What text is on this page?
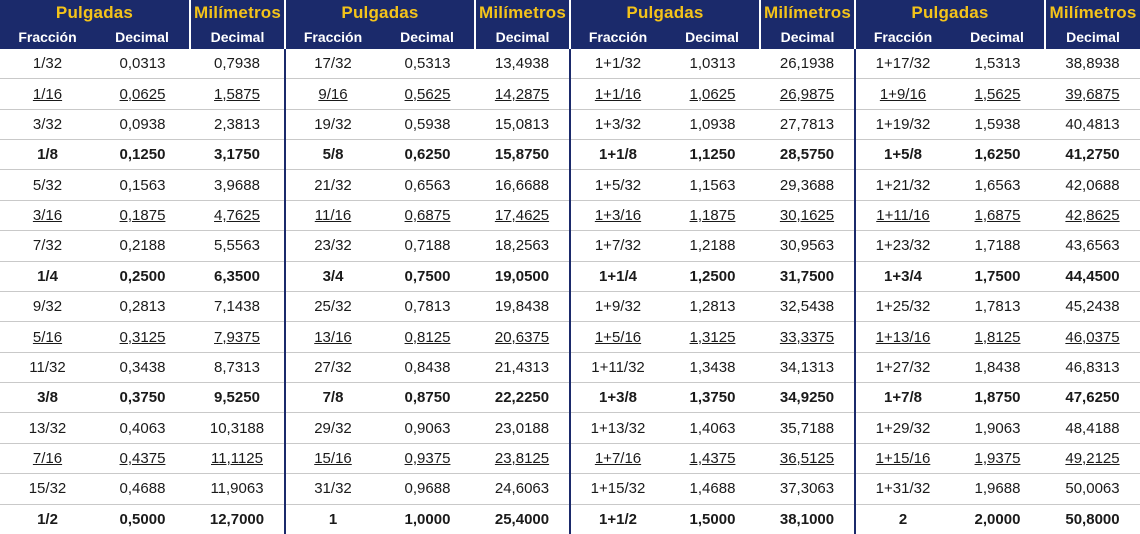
Pulgadas		Milímetros	Pulgadas		Milímetros	Pulgadas		Milímetros	Pulgadas		Milímetros
Fracción	Decimal	Decimal	Fracción	Decimal	Decimal	Fracción	Decimal	Decimal	Fracción	Decimal	Decimal
1/32	0,0313	0,7938	17/32	0,5313	13,4938	1+1/32	1,0313	26,1938	1+17/32	1,5313	38,8938
1/16	0,0625	1,5875	9/16	0,5625	14,2875	1+1/16	1,0625	26,9875	1+9/16	1,5625	39,6875
3/32	0,0938	2,3813	19/32	0,5938	15,0813	1+3/32	1,0938	27,7813	1+19/32	1,5938	40,4813
1/8	0,1250	3,1750	5/8	0,6250	15,8750	1+1/8	1,1250	28,5750	1+5/8	1,6250	41,2750
5/32	0,1563	3,9688	21/32	0,6563	16,6688	1+5/32	1,1563	29,3688	1+21/32	1,6563	42,0688
3/16	0,1875	4,7625	11/16	0,6875	17,4625	1+3/16	1,1875	30,1625	1+11/16	1,6875	42,8625
7/32	0,2188	5,5563	23/32	0,7188	18,2563	1+7/32	1,2188	30,9563	1+23/32	1,7188	43,6563
1/4	0,2500	6,3500	3/4	0,7500	19,0500	1+1/4	1,2500	31,7500	1+3/4	1,7500	44,4500
9/32	0,2813	7,1438	25/32	0,7813	19,8438	1+9/32	1,2813	32,5438	1+25/32	1,7813	45,2438
5/16	0,3125	7,9375	13/16	0,8125	20,6375	1+5/16	1,3125	33,3375	1+13/16	1,8125	46,0375
11/32	0,3438	8,7313	27/32	0,8438	21,4313	1+11/32	1,3438	34,1313	1+27/32	1,8438	46,8313
3/8	0,3750	9,5250	7/8	0,8750	22,2250	1+3/8	1,3750	34,9250	1+7/8	1,8750	47,6250
13/32	0,4063	10,3188	29/32	0,9063	23,0188	1+13/32	1,4063	35,7188	1+29/32	1,9063	48,4188
7/16	0,4375	11,1125	15/16	0,9375	23,8125	1+7/16	1,4375	36,5125	1+15/16	1,9375	49,2125
15/32	0,4688	11,9063	31/32	0,9688	24,6063	1+15/32	1,4688	37,3063	1+31/32	1,9688	50,0063
1/2	0,5000	12,7000	1	1,0000	25,4000	1+1/2	1,5000	38,1000	2	2,0000	50,8000
